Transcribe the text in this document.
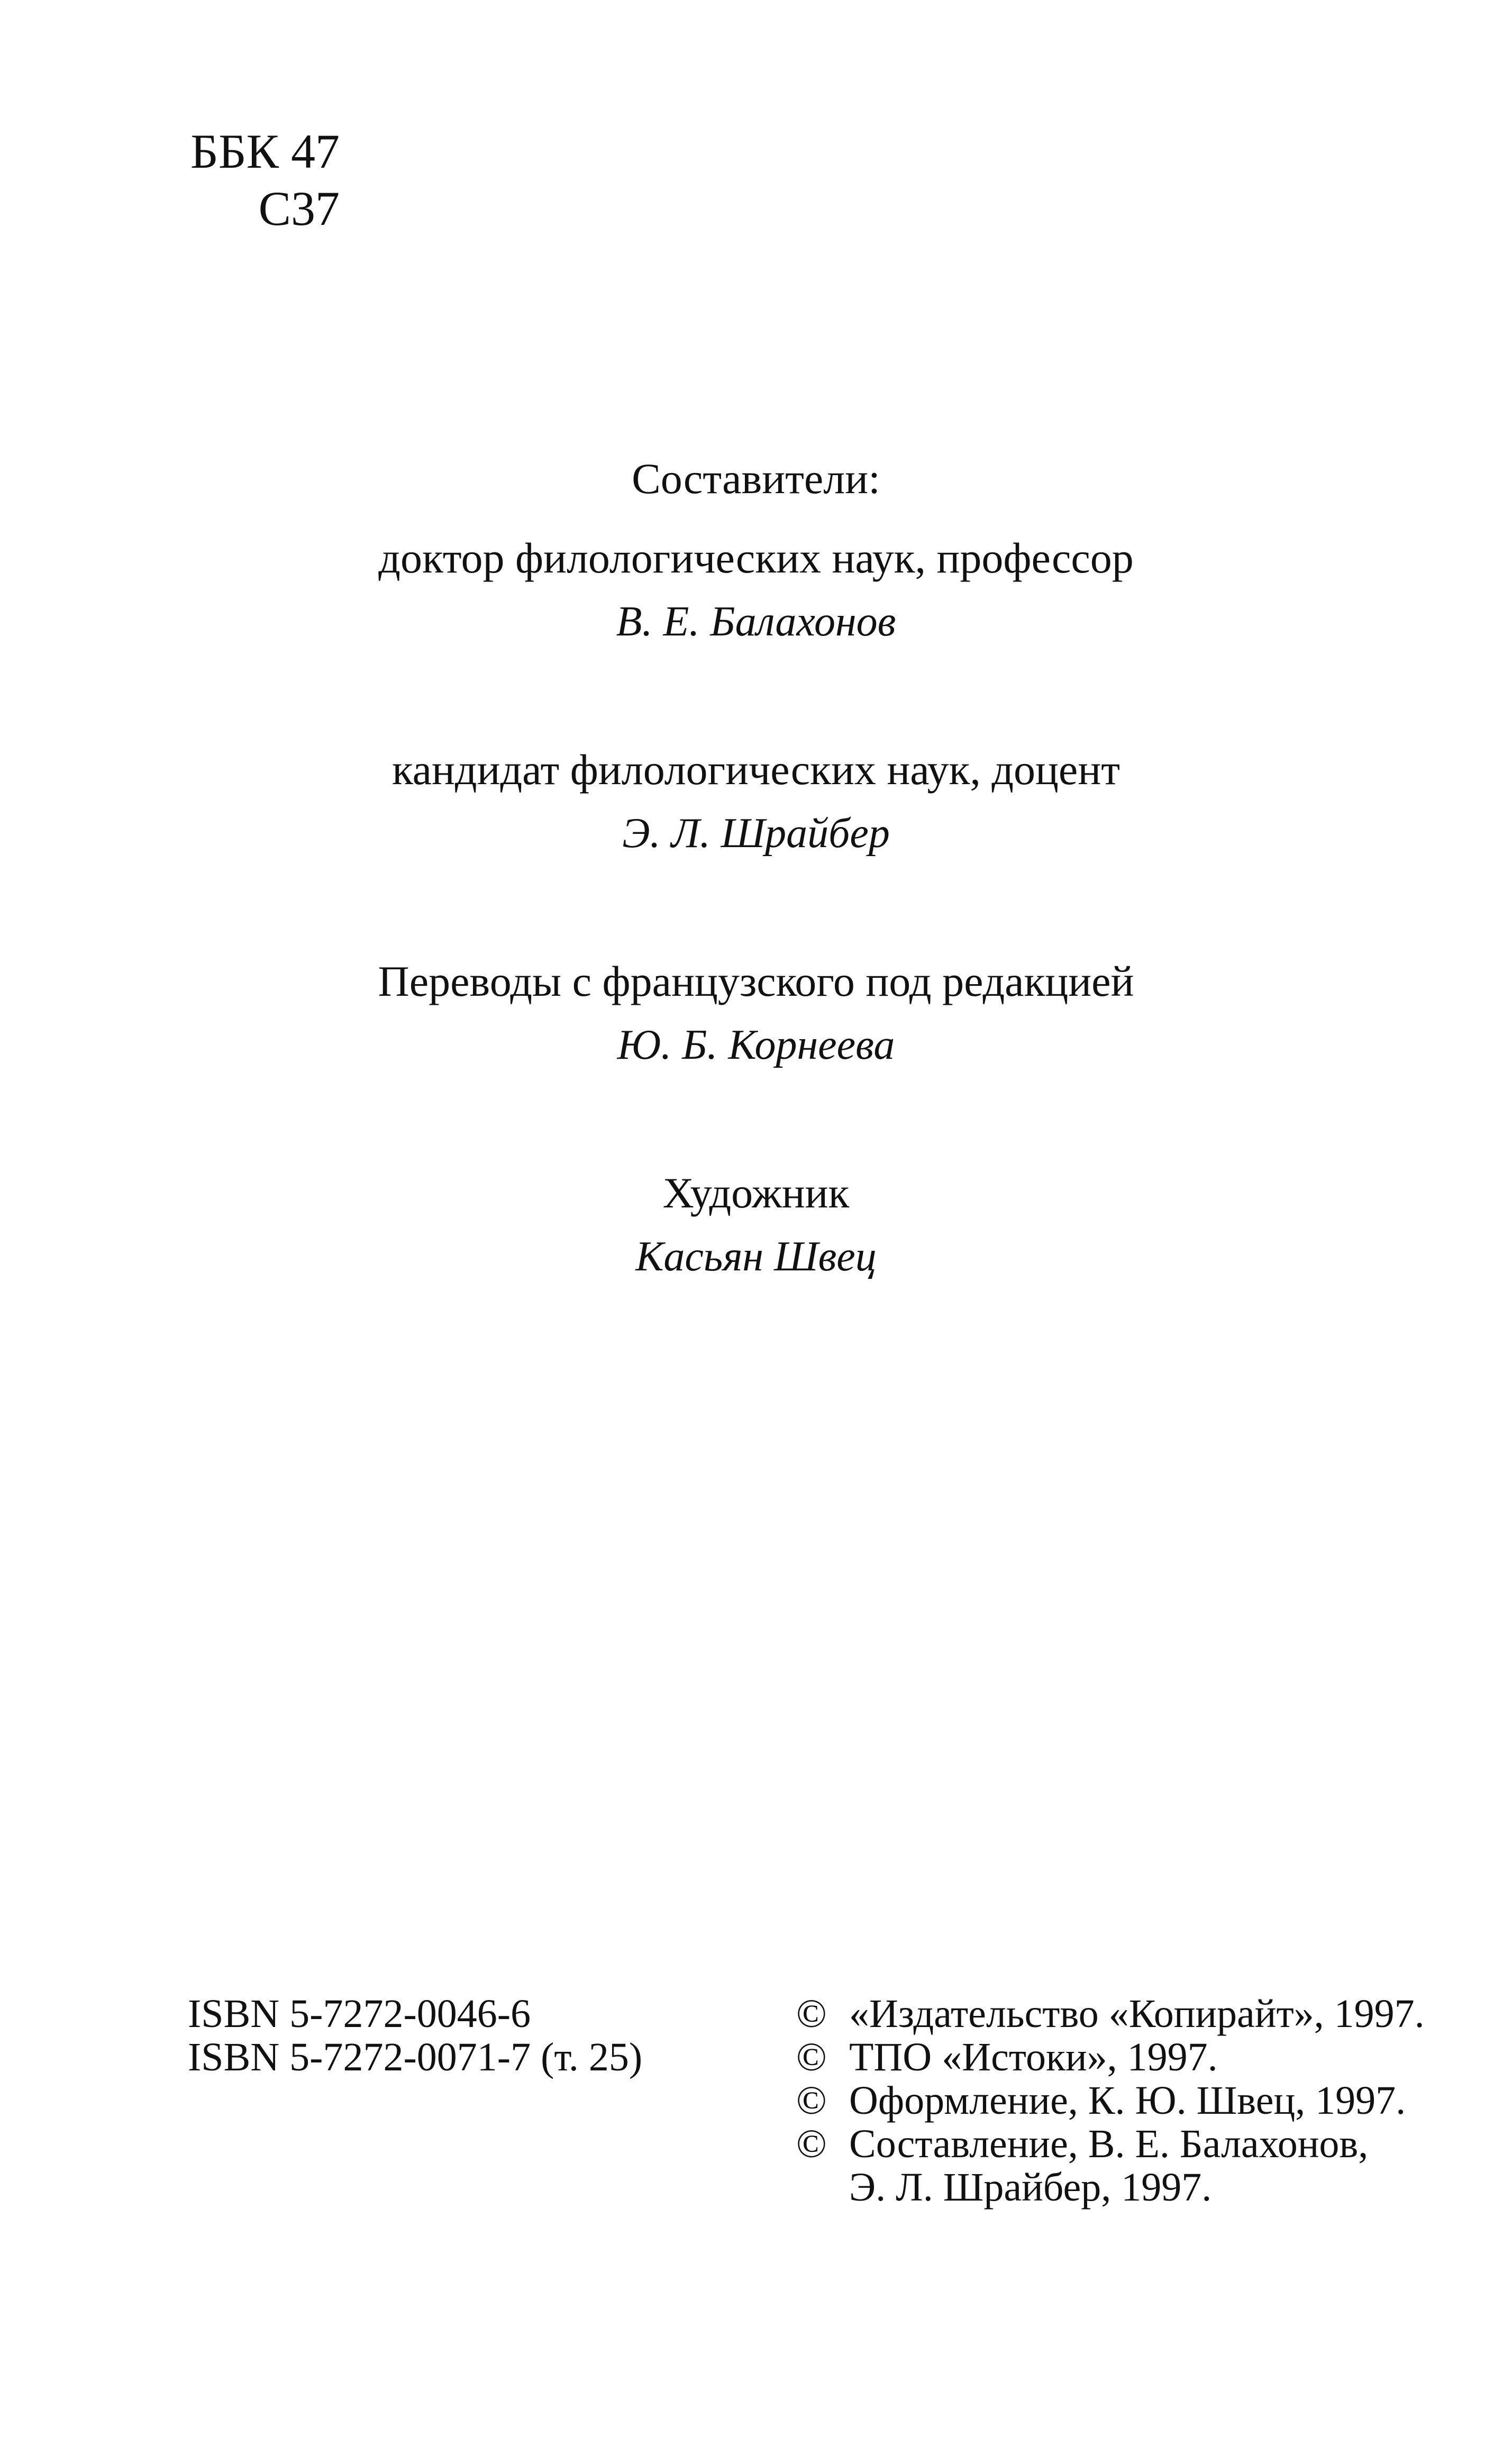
ББК 47
С37
Составители:
доктор филологических наук, профессор
В. Е. Балахонов
кандидат филологических наук, доцент
Э. Л. Шрайбер
Переводы с французского под редакцией
Ю. Б. Корнеева
Художник
Касьян Швец
ISBN 5-7272-0046-6
ISBN 5-7272-0071-7 (т. 25)
© «Издательство «Копирайт», 1997.
© ТПО «Истоки», 1997.
© Оформление, К. Ю. Швец, 1997.
© Составление, В. Е. Балахонов,
Э. Л. Шрайбер, 1997.
